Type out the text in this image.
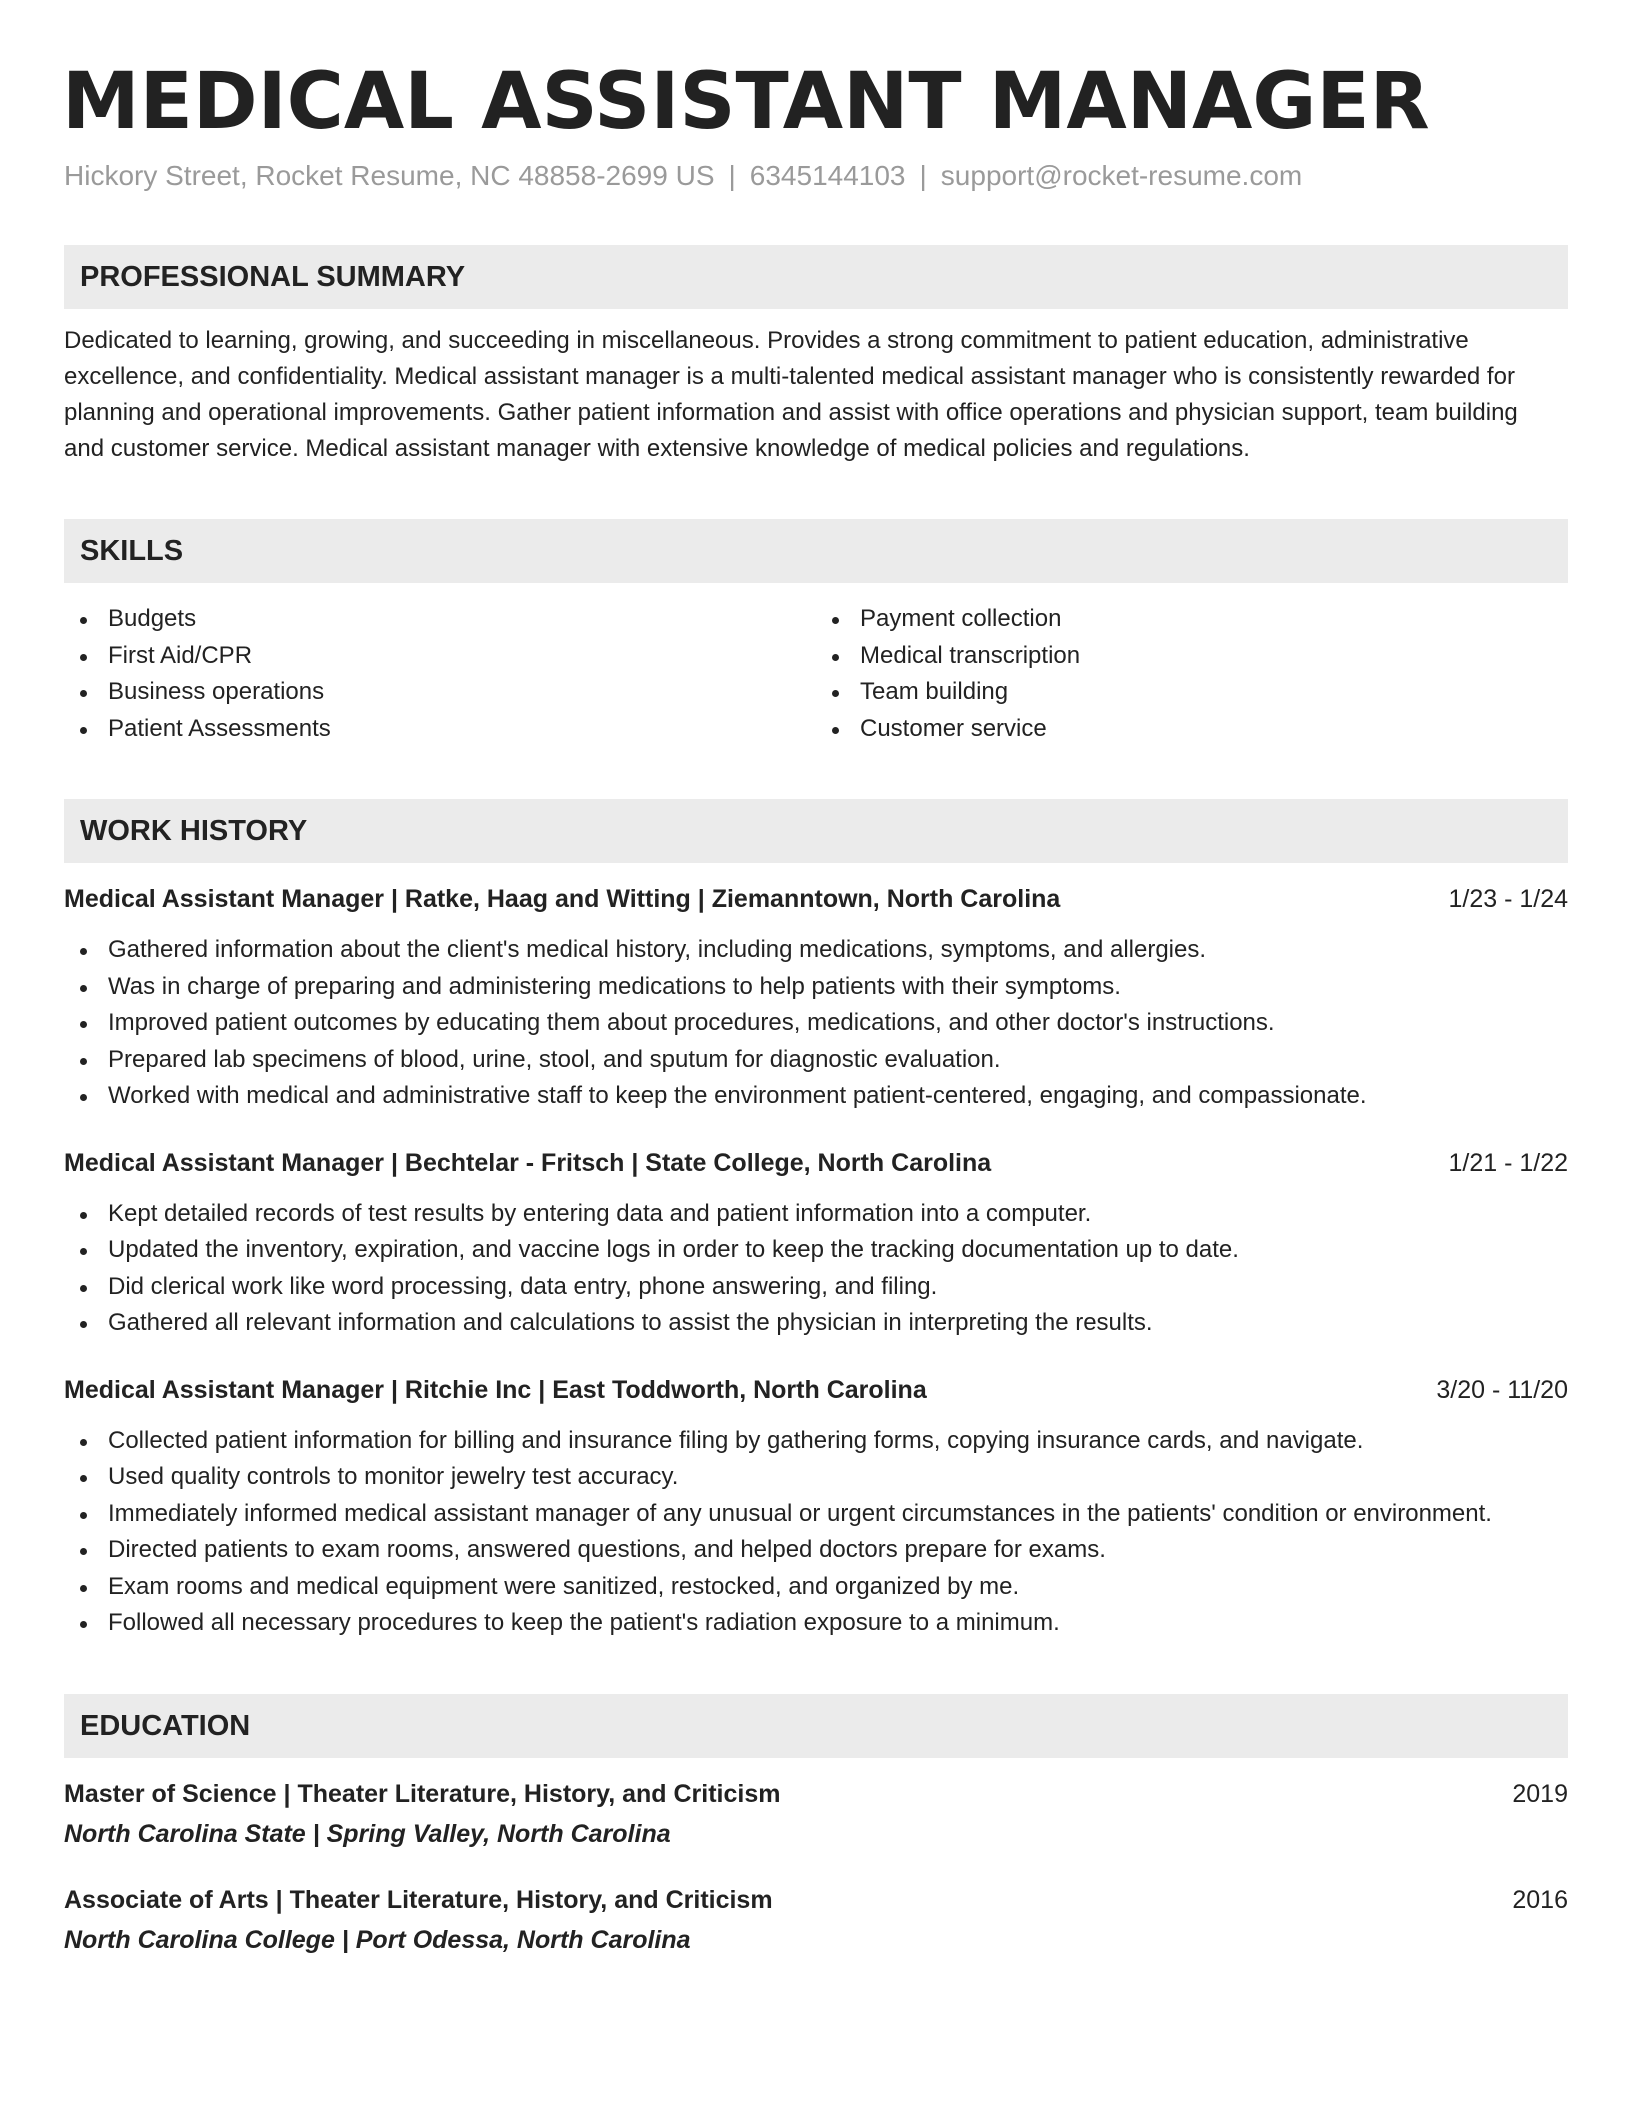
MEDICAL ASSISTANT MANAGER
Hickory Street, Rocket Resume, NC 48858-2699 US | 6345144103 | support@rocket-resume.com
PROFESSIONAL SUMMARY
Dedicated to learning, growing, and succeeding in miscellaneous. Provides a strong commitment to patient education, administrative excellence, and confidentiality. Medical assistant manager is a multi-talented medical assistant manager who is consistently rewarded for planning and operational improvements. Gather patient information and assist with office operations and physician support, team building and customer service. Medical assistant manager with extensive knowledge of medical policies and regulations.
SKILLS
Budgets
First Aid/CPR
Business operations
Patient Assessments
Payment collection
Medical transcription
Team building
Customer service
WORK HISTORY
Medical Assistant Manager | Ratke, Haag and Witting | Ziemanntown, North Carolina	1/23 - 1/24
Gathered information about the client's medical history, including medications, symptoms, and allergies.
Was in charge of preparing and administering medications to help patients with their symptoms.
Improved patient outcomes by educating them about procedures, medications, and other doctor's instructions.
Prepared lab specimens of blood, urine, stool, and sputum for diagnostic evaluation.
Worked with medical and administrative staff to keep the environment patient-centered, engaging, and compassionate.
Medical Assistant Manager | Bechtelar - Fritsch | State College, North Carolina	1/21 - 1/22
Kept detailed records of test results by entering data and patient information into a computer.
Updated the inventory, expiration, and vaccine logs in order to keep the tracking documentation up to date.
Did clerical work like word processing, data entry, phone answering, and filing.
Gathered all relevant information and calculations to assist the physician in interpreting the results.
Medical Assistant Manager | Ritchie Inc | East Toddworth, North Carolina	3/20 - 11/20
Collected patient information for billing and insurance filing by gathering forms, copying insurance cards, and navigate.
Used quality controls to monitor jewelry test accuracy.
Immediately informed medical assistant manager of any unusual or urgent circumstances in the patients' condition or environment.
Directed patients to exam rooms, answered questions, and helped doctors prepare for exams.
Exam rooms and medical equipment were sanitized, restocked, and organized by me.
Followed all necessary procedures to keep the patient's radiation exposure to a minimum.
EDUCATION
Master of Science | Theater Literature, History, and Criticism	2019
North Carolina State | Spring Valley, North Carolina
Associate of Arts | Theater Literature, History, and Criticism	2016
North Carolina College | Port Odessa, North Carolina
